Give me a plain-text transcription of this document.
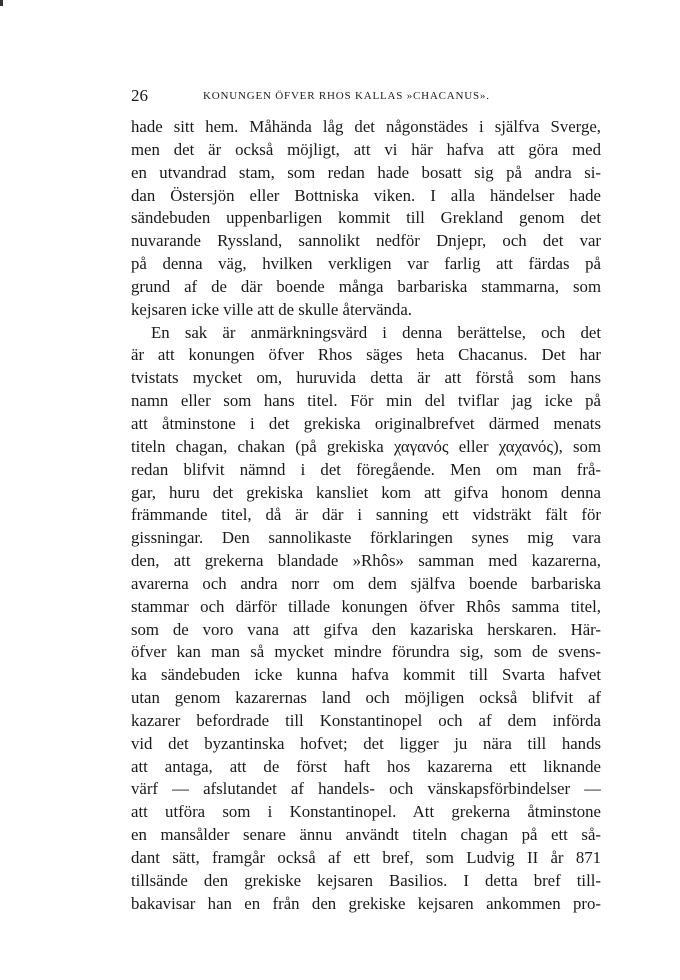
26	KONUNGEN ÖFVER RHOS KALLAS »CHACANUS».
hade sitt hem. Måhända låg det någonstädes i själfva Sverge,
men det är också möjligt, att vi här hafva att göra med
en utvandrad stam, som redan hade bosatt sig på andra si-
dan Östersjön eller Bottniska viken. I alla händelser hade
sändebuden uppenbarligen kommit till Grekland genom det
nuvarande Ryssland, sannolikt nedför Dnjepr, och det var
på denna väg, hvilken verkligen var farlig att färdas på
grund af de där boende många barbariska stammarna, som
kejsaren icke ville att de skulle återvända.
En sak är anmärkningsvärd i denna berättelse, och det
är att konungen öfver Rhos säges heta Chacanus. Det har
tvistats mycket om, huruvida detta är att förstå som hans
namn eller som hans titel. För min del tviflar jag icke på
att åtminstone i det grekiska originalbrefvet därmed menats
titeln chagan, chakan (på grekiska χαγανός eller χαχανός), som
redan blifvit nämnd i det föregående. Men om man frå-
gar, huru det grekiska kansliet kom att gifva honom denna
främmande titel, då är där i sanning ett vidsträkt fält för
gissningar. Den sannolikaste förklaringen synes mig vara
den, att grekerna blandade »Rhôs» samman med kazarerna,
avarerna och andra norr om dem själfva boende barbariska
stammar och därför tillade konungen öfver Rhôs samma titel,
som de voro vana att gifva den kazariska herskaren. Här-
öfver kan man så mycket mindre förundra sig, som de svens-
ka sändebuden icke kunna hafva kommit till Svarta hafvet
utan genom kazarernas land och möjligen också blifvit af
kazarer befordrade till Konstantinopel och af dem införda
vid det byzantinska hofvet; det ligger ju nära till hands
att antaga, att de först haft hos kazarerna ett liknande
värf — afslutandet af handels- och vänskapsförbindelser —
att utföra som i Konstantinopel. Att grekerna åtminstone
en mansålder senare ännu användt titeln chagan på ett så-
dant sätt, framgår också af ett bref, som Ludvig II år 871
tillsände den grekiske kejsaren Basilios. I detta bref till-
bakavisar han en från den grekiske kejsaren ankommen pro-
